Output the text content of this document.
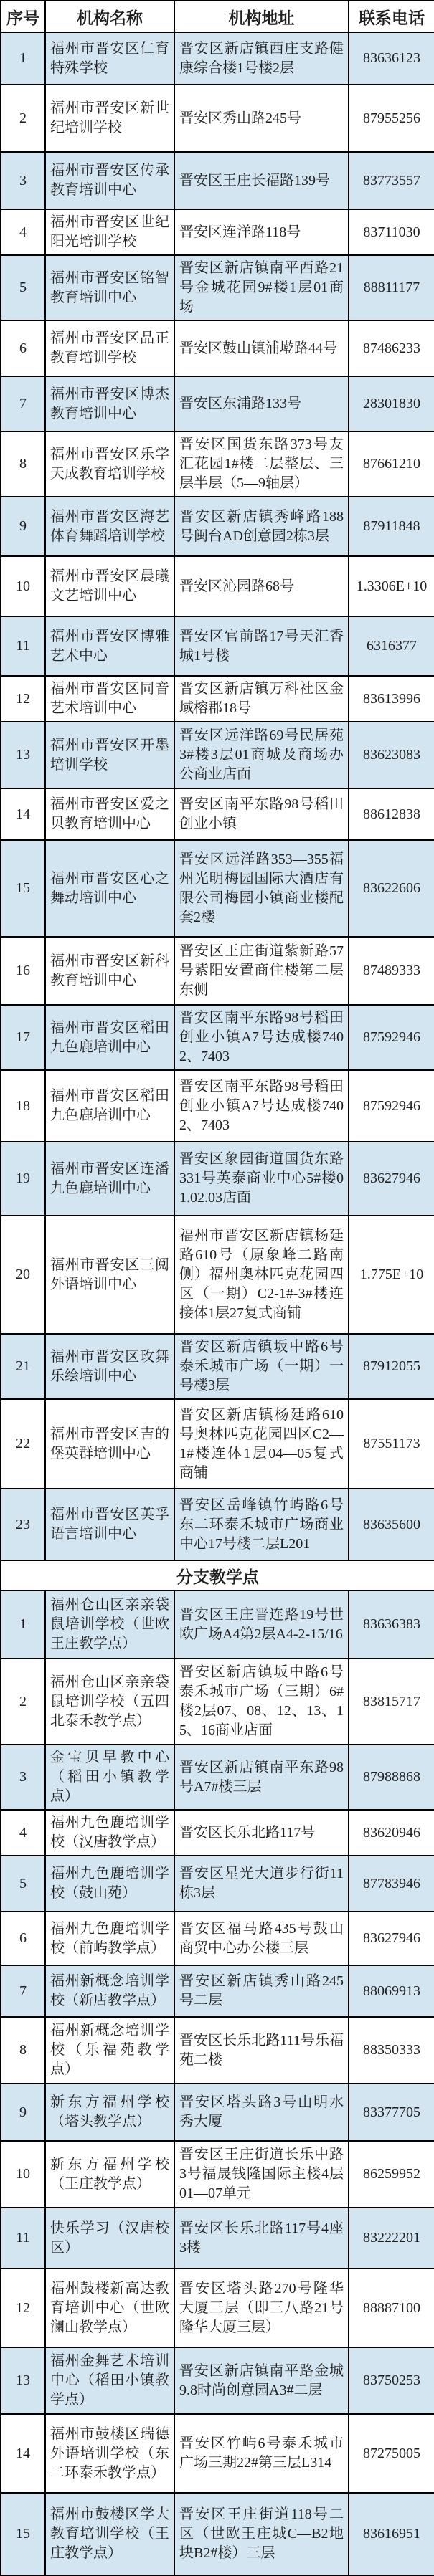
序号	机构名称	机构地址	联系电话
1	福州市晋安区仁育特殊学校	晋安区新店镇西庄支路健康综合楼1号楼2层	83636123
2	福州市晋安区新世纪培训学校	晋安区秀山路245号	87955256
3	福州市晋安区传承教育培训中心	晋安区王庄长福路139号	83773557
4	福州市晋安区世纪阳光培训学校	晋安区连洋路118号	83711030
5	福州市晋安区铭智教育培训中心	晋安区新店镇南平西路21号金城花园9#楼1层01商场	88811177
6	福州市晋安区品正教育培训学校	晋安区鼓山镇浦墘路44号	87486233
7	福州市晋安区博杰教育培训中心	晋安区东浦路133号	28301830
8	福州市晋安区乐学天成教育培训学校	晋安区国货东路373号友汇花园1#楼二层整层、三层半层（5—9轴层）	87661210
9	福州市晋安区海艺体育舞蹈培训学校	晋安区新店镇秀峰路188号闽台AD创意园2栋3层	87911848
10	福州市晋安区晨曦文艺培训中心	晋安区沁园路68号	1.3306E+10
11	福州市晋安区博雅艺术中心	晋安区官前路17号天汇香城1号楼	6316377
12	福州市晋安区同音艺术培训中心	晋安区新店镇万科社区金域榕郡18号	83613996
13	福州市晋安区开墨培训学校	晋安区远洋路69号民居苑3#楼3层01商城及商场办公商业店面	83623083
14	福州市晋安区爱之贝教育培训中心	晋安区南平东路98号稻田创业小镇	88612838
15	福州市晋安区心之舞动培训中心	晋安区远洋路353—355福州光明梅园国际大酒店有限公司梅园小镇商业楼配套2楼	83622606
16	福州市晋安区新科教育培训中心	晋安区王庄街道紫新路57号紫阳安置商住楼第二层东侧	87489333
17	福州市晋安区稻田九色鹿培训中心	晋安区南平东路98号稻田创业小镇A7号达成楼7402、7403	87592946
18	福州市晋安区稻田九色鹿培训中心	晋安区南平东路98号稻田创业小镇A7号达成楼7402、7403	87592946
19	福州市晋安区连潘九色鹿培训中心	晋安区象园街道国货东路331号英泰商业中心5#楼01.02.03店面	83627946
20	福州市晋安区三阅外语培训中心	福州市晋安区新店镇杨廷路610号（原象峰二路南侧）福州奥林匹克花园四区（一期）C2-1#-3#楼连接体1层27复式商铺	1.775E+10
21	福州市晋安区玫舞乐绘培训中心	晋安区新店镇坂中路6号泰禾城市广场（一期）一号楼3层	87912055
22	福州市晋安区吉的堡英群培训中心	晋安区新店镇杨廷路610号奥林匹克花园四区C2—1#楼连体1层04—05复式商铺	87551173
23	福州市晋安区英孚语言培训中心	晋安区岳峰镇竹屿路6号东二环泰禾城市广场商业中心17号楼二层L201	83635600
分支教学点			
1	福州仓山区亲亲袋鼠培训学校（世欧王庄教学点）	晋安区王庄晋连路19号世欧广场A4第2层A4-2-15/16	83636383
2	福州仓山区亲亲袋鼠培训学校（五四北泰禾教学点）	晋安区新店镇坂中路6号泰禾城市广场（三期）6#楼2层07、08、12、13、15、16商业店面	83815717
3	金宝贝早教中心（稻田小镇教学点）	晋安区新店镇南平东路98号A7#楼三层	87988868
4	福州九色鹿培训学校（汉唐教学点）	晋安区长乐北路117号	83620946
5	福州九色鹿培训学校（鼓山苑）	晋安区星光大道步行街11栋3层	87783946
6	福州九色鹿培训学校（前屿教学点）	晋安区福马路435号鼓山商贸中心办公楼三层	83627946
7	福州新概念培训学校（新店教学点）	晋安区新店镇秀山路245号二层	88069913
8	福州新概念培训学校（乐福苑教学点）	晋安区长乐北路111号乐福苑二楼	88350333
9	新东方福州学校（塔头教学点）	晋安区塔头路3号山明水秀大厦	83377705
10	新东方福州学校（王庄教学点）	晋安区王庄街道长乐中路3号福晟钱隆国际主楼4层01—07单元	86259952
11	快乐学习（汉唐校区）	晋安区长乐北路117号4座3楼	83222201
12	福州鼓楼新高达教育培训中心（世欧澜山教学点）	晋安区塔头路270号隆华大厦三层（即三八路21号隆华大厦三层）	88887100
13	福州金舞艺术培训中心（稻田小镇教学点）	晋安区新店镇南平路金城9.8时尚创意园A3#二层	83750253
14	福州市鼓楼区瑞德外语培训学校（东二环泰禾教学点）	晋安区竹屿6号泰禾城市广场三期22#第三层L314	87275005
15	福州市鼓楼区学大教育培训学校（王庄教学点）	晋安区王庄街道118号二区（世欧王庄城C—B2地块B2#楼）三层	83616951
